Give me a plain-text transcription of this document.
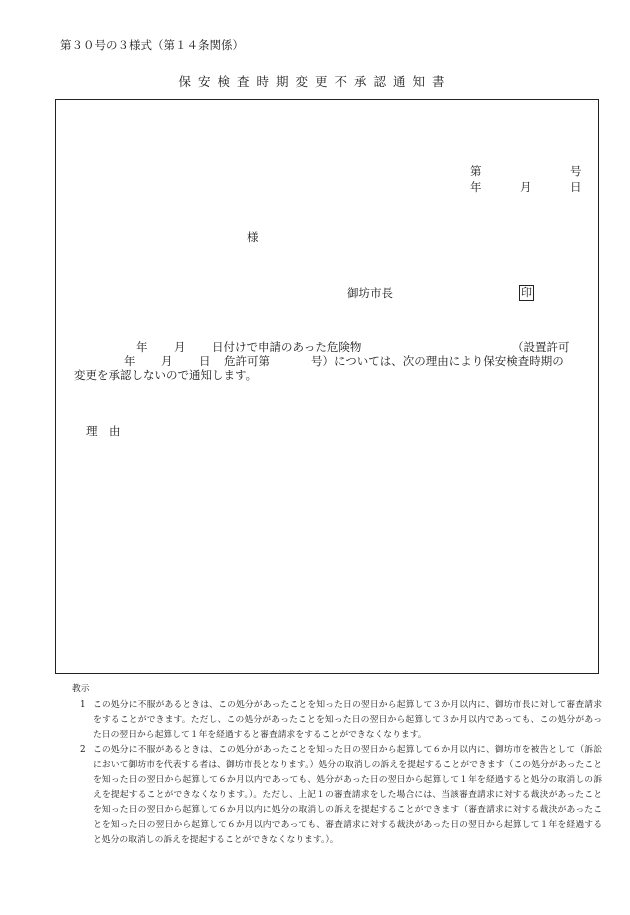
第３０号の３様式（第１４条関係）
保安検査時期変更不承認通知書
第	号
年	月	日
様
御坊市長	印
年 月 日付けで申請のあった危険物	（設置許可
年 月 日 危許可第	号）については、次の理由により保安検査時期の
変更を承認しないので通知します。
理　由
教示
1 この処分に不服があるときは、この処分があったことを知った日の翌日から起算して３か月以内に、御坊市長に対して審査請求をすることができます。ただし、この処分があったことを知った日の翌日から起算して３か月以内であっても、この処分があった日の翌日から起算して１年を経過すると審査請求をすることができなくなります。
2 この処分に不服があるときは、この処分があったことを知った日の翌日から起算して６か月以内に、御坊市を被告として（訴訟において御坊市を代表する者は、御坊市長となります。）処分の取消しの訴えを提起することができます（この処分があったことを知った日の翌日から起算して６か月以内であっても、処分があった日の翌日から起算して１年を経過すると処分の取消しの訴えを提起することができなくなります。）。ただし、上記１の審査請求をした場合には、当該審査請求に対する裁決があったことを知った日の翌日から起算して６か月以内に処分の取消しの訴えを提起することができます（審査請求に対する裁決があったことを知った日の翌日から起算して６か月以内であっても、審査請求に対する裁決があった日の翌日から起算して１年を経過すると処分の取消しの訴えを提起することができなくなります。）。
